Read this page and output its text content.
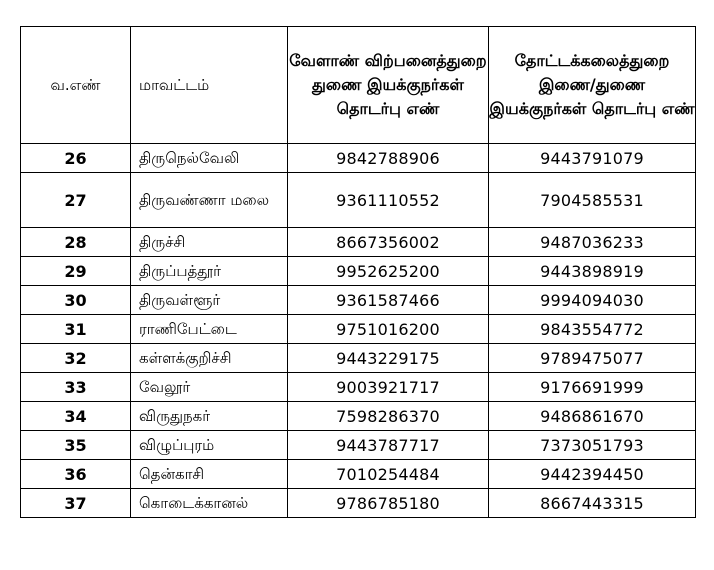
வ.எண்	மாவட்டம்	வேளாண் விற்பனைத்துறை துணை இயக்குநர்கள் தொடர்பு எண்	தோட்டக்கலைத்துறை இணை/துணை இயக்குநர்கள் தொடர்பு எண்
26	திருநெல்வேலி	9842788906	9443791079
27	திருவண்ணா மலை	9361110552	7904585531
28	திருச்சி	8667356002	9487036233
29	திருப்பத்தூர்	9952625200	9443898919
30	திருவள்ளூர்	9361587466	9994094030
31	ராணிபேட்டை	9751016200	9843554772
32	கள்ளக்குறிச்சி	9443229175	9789475077
33	வேலூர்	9003921717	9176691999
34	விருதுநகர்	7598286370	9486861670
35	விழுப்புரம்	9443787717	7373051793
36	தென்காசி	7010254484	9442394450
37	கொடைக்கானல்	9786785180	8667443315
